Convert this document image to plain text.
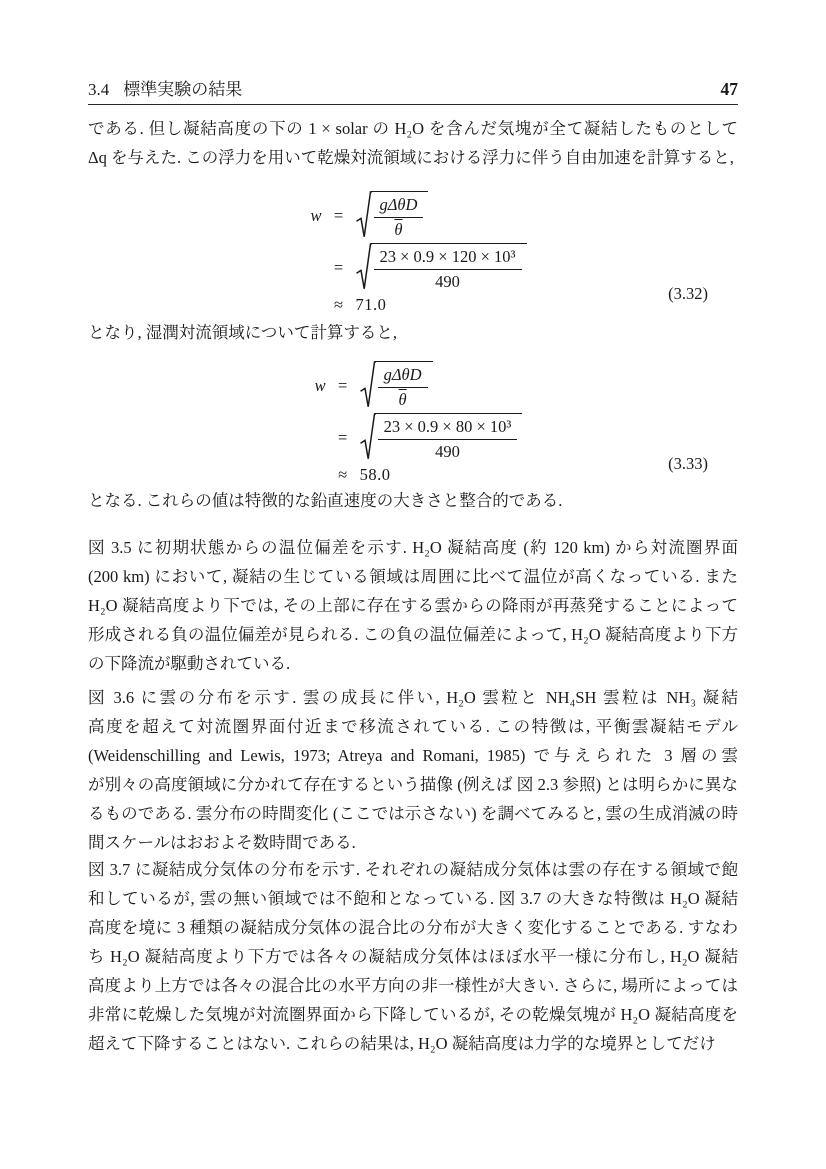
3.4 標準実験の結果	47
である. 但し凝結高度の下の 1 × solar の H₂O を含んだ気塊が全て凝結したものとして
Δq を与えた. この浮力を用いて乾燥対流領域における浮力に伴う自由加速を計算すると,
w =	$\frac{\text{gΔθD}}{\theta}$
=	$\frac{\text{23 × 0.9 × 120 × 10³}}{490}$
≈ 71.0
(3.32)
となり, 湿潤対流領域について計算すると,
w =	$\frac{\text{gΔθD}}{\theta}$
=	$\frac{\text{23 × 0.9 × 80 × 10³}}{490}$
≈ 58.0
(3.33)
となる. これらの値は特徴的な鉛直速度の大きさと整合的である.
図 3.5 に初期状態からの温位偏差を示す. H₂O 凝結高度 (約 120 km) から対流圏界面
(200 km) において, 凝結の生じている領域は周囲に比べて温位が高くなっている. また
H₂O 凝結高度より下では, その上部に存在する雲からの降雨が再蒸発することによって
形成される負の温位偏差が見られる. この負の温位偏差によって, H₂O 凝結高度より下方
の下降流が駆動されている.
図 3.6 に雲の分布を示す. 雲の成長に伴い, H₂O 雲粒と NH₄SH 雲粒は NH₃ 凝結
高度を超えて対流圏界面付近まで移流されている. この特徴は, 平衡雲凝結モデル
(Weidenschilling and Lewis, 1973; Atreya and Romani, 1985) で与えられた 3 層の雲
が別々の高度領域に分かれて存在するという描像 (例えば 図 2.3 参照) とは明らかに異な
るものである. 雲分布の時間変化 (ここでは示さない) を調べてみると, 雲の生成消滅の時
間スケールはおおよそ数時間である.
図 3.7 に凝結成分気体の分布を示す. それぞれの凝結成分気体は雲の存在する領域で飽
和しているが, 雲の無い領域では不飽和となっている. 図 3.7 の大きな特徴は H₂O 凝結
高度を境に 3 種類の凝結成分気体の混合比の分布が大きく変化することである. すなわ
ち H₂O 凝結高度より下方では各々の凝結成分気体はほぼ水平一様に分布し, H₂O 凝結
高度より上方では各々の混合比の水平方向の非一様性が大きい. さらに, 場所によっては
非常に乾燥した気塊が対流圏界面から下降しているが, その乾燥気塊が H₂O 凝結高度を
超えて下降することはない. これらの結果は, H₂O 凝結高度は力学的な境界としてだけ
